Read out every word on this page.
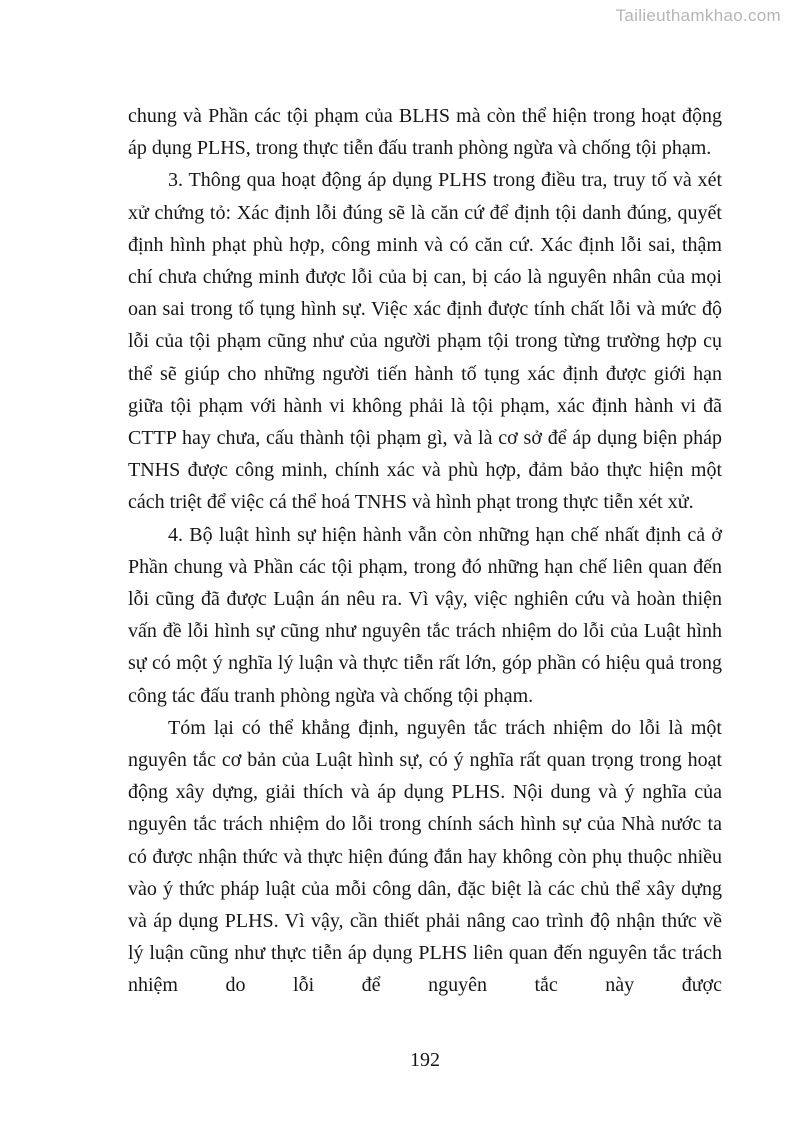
Tailieuthamkhao.com

chung và Phần các tội phạm của BLHS mà còn thể hiện trong hoạt động áp dụng PLHS, trong thực tiễn đấu tranh phòng ngừa và chống tội phạm.

3. Thông qua hoạt động áp dụng PLHS trong điều tra, truy tố và xét xử chứng tỏ: Xác định lỗi đúng sẽ là căn cứ để định tội danh đúng, quyết định hình phạt phù hợp, công minh và có căn cứ. Xác định lỗi sai, thậm chí chưa chứng minh được lỗi của bị can, bị cáo là nguyên nhân của mọi oan sai trong tố tụng hình sự. Việc xác định được tính chất lỗi và mức độ lỗi của tội phạm cũng như của người phạm tội trong từng trường hợp cụ thể sẽ giúp cho những người tiến hành tố tụng xác định được giới hạn giữa tội phạm với hành vi không phải là tội phạm, xác định hành vi đã CTTP hay chưa, cấu thành tội phạm gì, và là cơ sở để áp dụng biện pháp TNHS được công minh, chính xác và phù hợp, đảm bảo thực hiện một cách triệt để việc cá thể hoá TNHS và hình phạt trong thực tiễn xét xử.

4. Bộ luật hình sự hiện hành vẫn còn những hạn chế nhất định cả ở Phần chung và Phần các tội phạm, trong đó những hạn chế liên quan đến lỗi cũng đã được Luận án nêu ra. Vì vậy, việc nghiên cứu và hoàn thiện vấn đề lỗi hình sự cũng như nguyên tắc trách nhiệm do lỗi của Luật hình sự có một ý nghĩa lý luận và thực tiễn rất lớn, góp phần có hiệu quả trong công tác đấu tranh phòng ngừa và chống tội phạm.

Tóm lại có thể khẳng định, nguyên tắc trách nhiệm do lỗi là một nguyên tắc cơ bản của Luật hình sự, có ý nghĩa rất quan trọng trong hoạt động xây dựng, giải thích và áp dụng PLHS. Nội dung và ý nghĩa của nguyên tắc trách nhiệm do lỗi trong chính sách hình sự của Nhà nước ta có được nhận thức và thực hiện đúng đắn hay không còn phụ thuộc nhiều vào ý thức pháp luật của mỗi công dân, đặc biệt là các chủ thể xây dựng và áp dụng PLHS. Vì vậy, cần thiết phải nâng cao trình độ nhận thức về lý luận cũng như thực tiễn áp dụng PLHS liên quan đến nguyên tắc trách nhiệm do lỗi để nguyên tắc này được

192
